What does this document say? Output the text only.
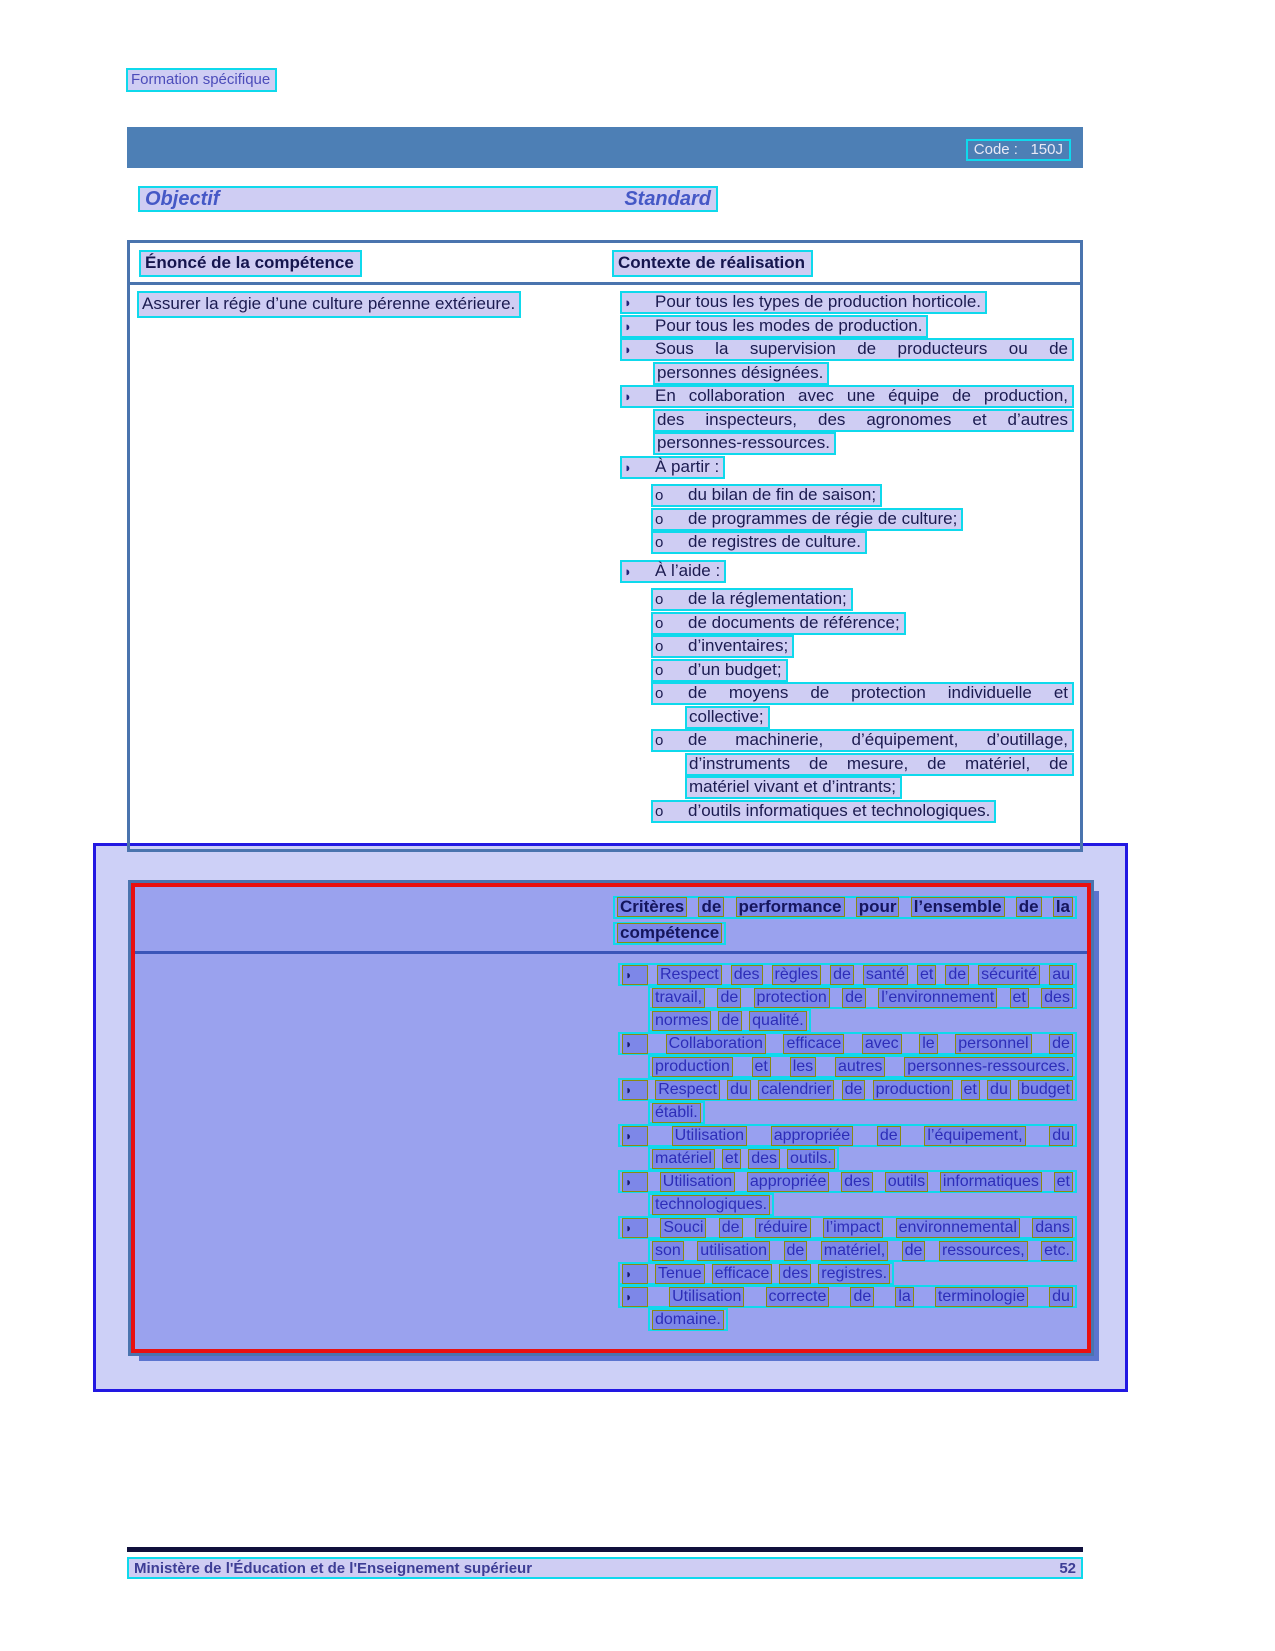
Formation spécifique
Code :   150J
Objectif	Standard
Énoncé de la compétence	Contexte de réalisation
Assurer la régie d’une culture pérenne extérieure.	◗ Pour tous les types de production horticole.
◗ Pour tous les modes de production.
◗ Sous la supervision de producteurs ou de
personnes désignées.
◗ En collaboration avec une équipe de production,
des inspecteurs, des agronomes et d’autres
personnes-ressources.
◗ À partir :
o du bilan de fin de saison;
o de programmes de régie de culture;
o de registres de culture.
◗ À l’aide :
o de la réglementation;
o de documents de référence;
o d’inventaires;
o d’un budget;
o de moyens de protection individuelle et
collective;
o de machinerie, d’équipement, d’outillage,
d’instruments de mesure, de matériel, de
matériel vivant et d’intrants;
o d’outils informatiques et technologiques.
Critères de performance pour l’ensemble de la
compétence
◗	Respect des règles de santé et de sécurité au
travail, de protection de l’environnement et des
normes de qualité.
◗	Collaboration efficace avec le personnel de
production et les autres personnes-ressources.
◗	Respect du calendrier de production et du budget
établi.
◗	Utilisation appropriée de l’équipement, du
matériel et des outils.
◗	Utilisation appropriée des outils informatiques et
technologiques.
◗	Souci de réduire l’impact environnemental dans
son utilisation de matériel, de ressources, etc.
◗	Tenue efficace des registres.
◗	Utilisation correcte de la terminologie du
domaine.
Ministère de l'Éducation et de l'Enseignement supérieur	52
